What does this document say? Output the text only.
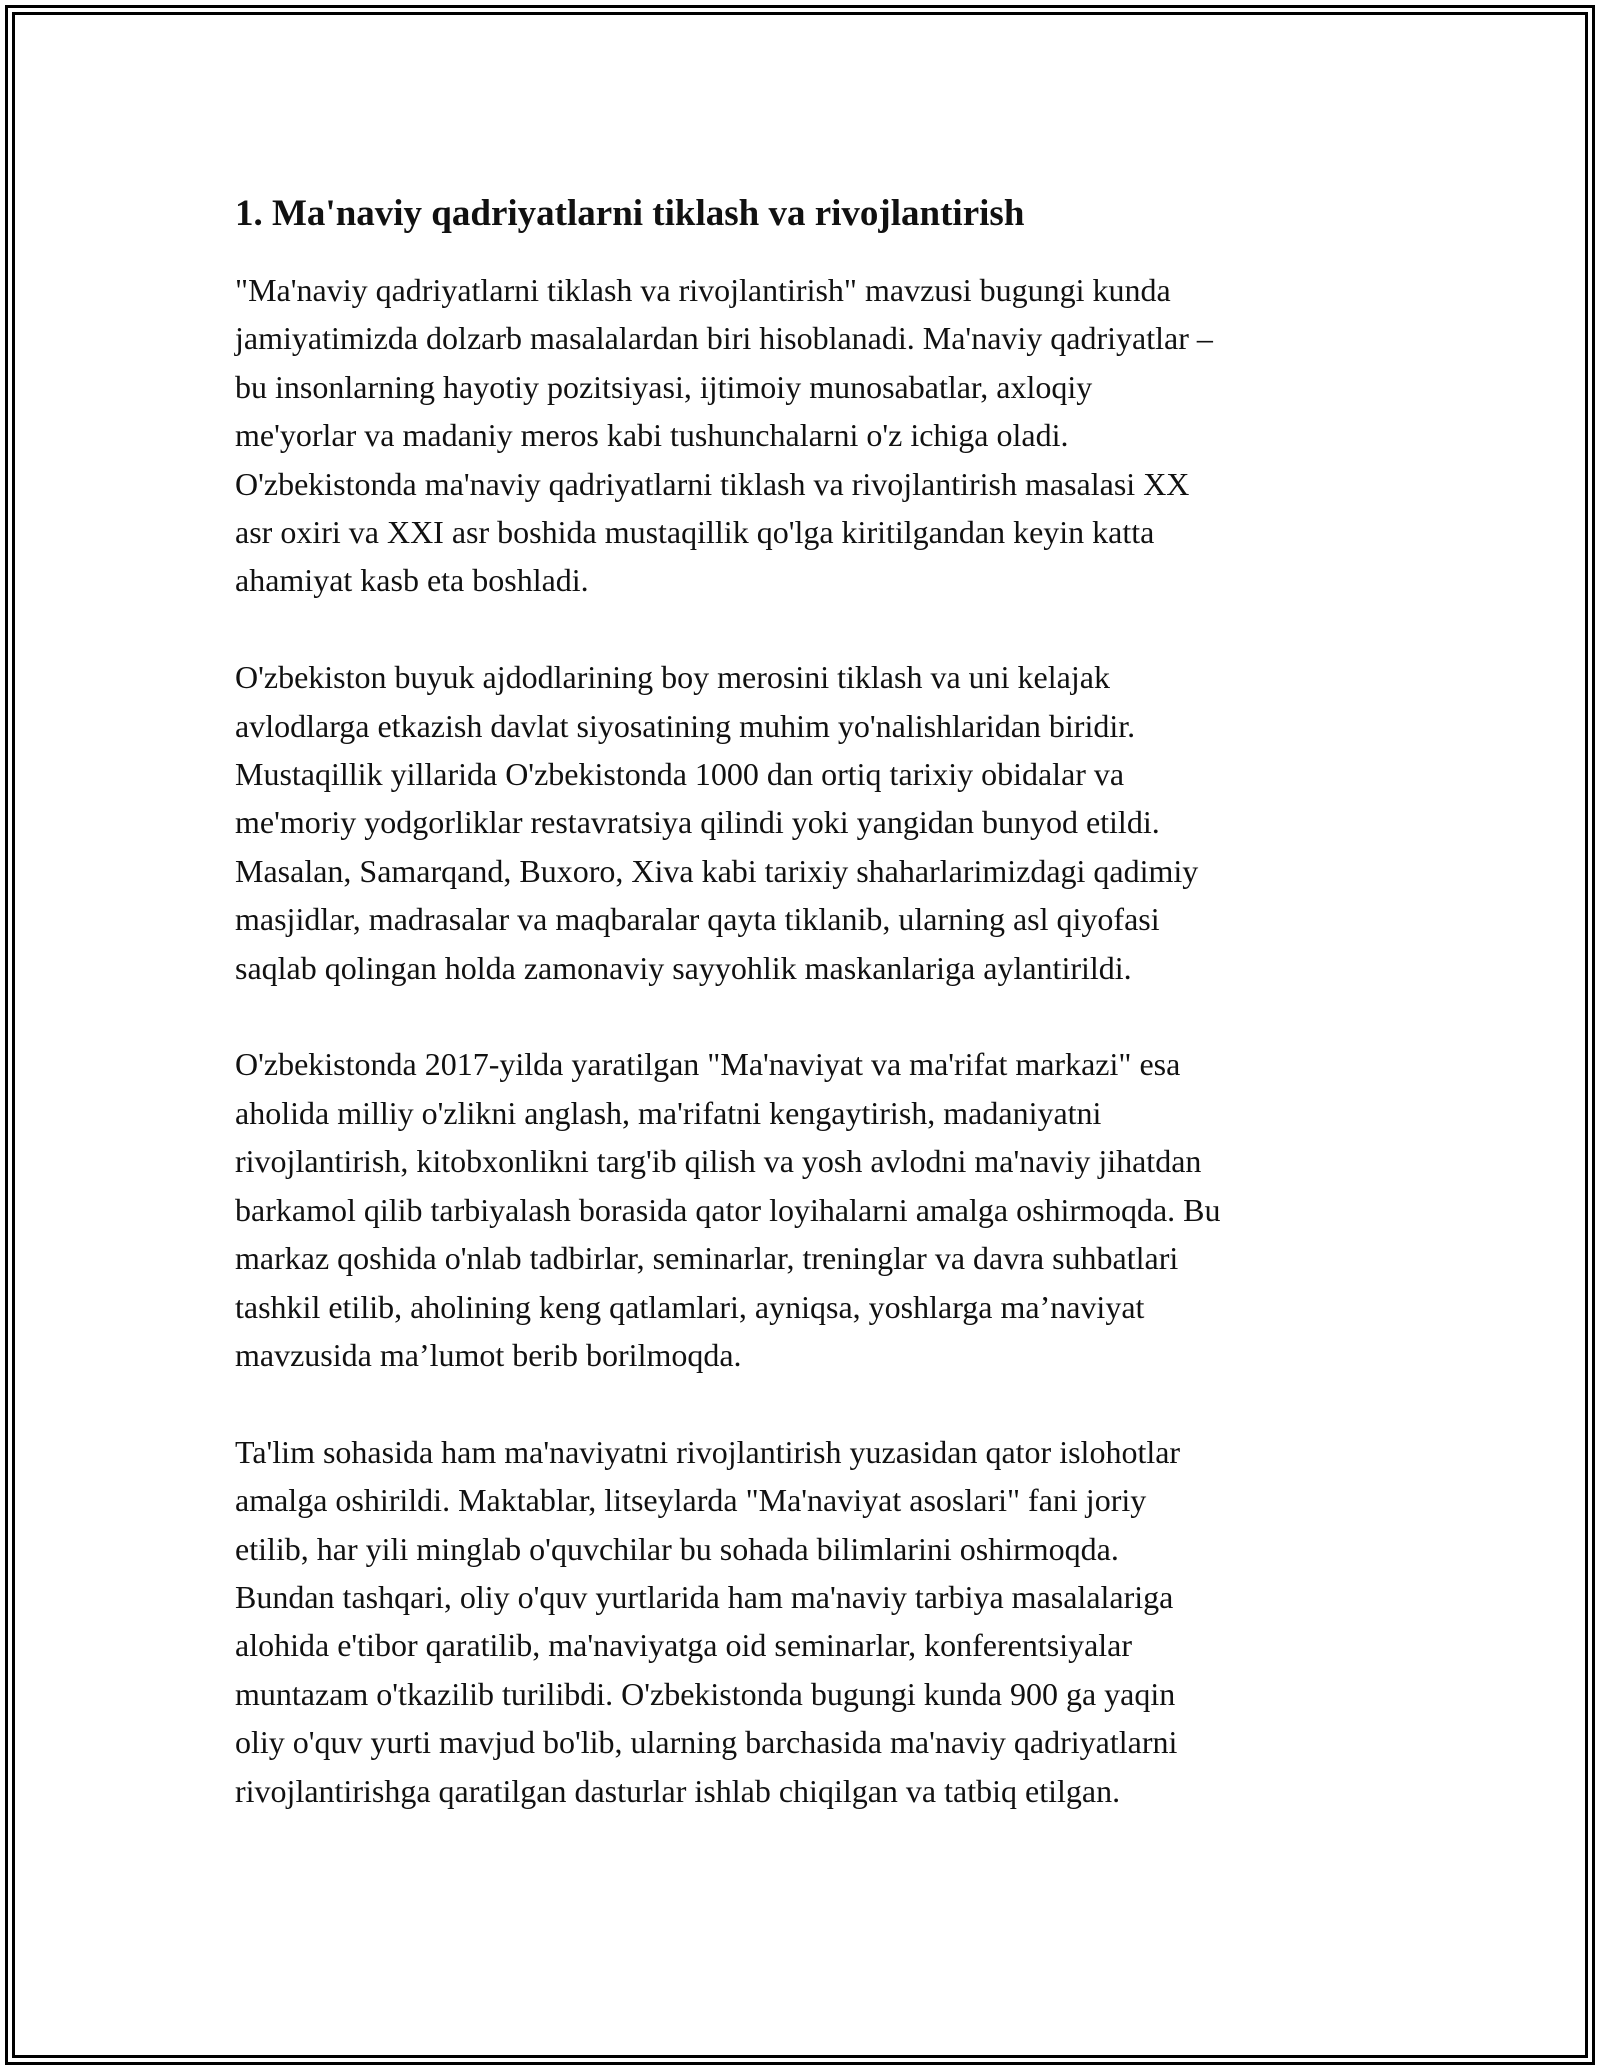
1. Ma'naviy qadriyatlarni tiklash va rivojlantirish
"Ma'naviy qadriyatlarni tiklash va rivojlantirish" mavzusi bugungi kunda
jamiyatimizda dolzarb masalalardan biri hisoblanadi. Ma'naviy qadriyatlar –
bu insonlarning hayotiy pozitsiyasi, ijtimoiy munosabatlar, axloqiy
me'yorlar va madaniy meros kabi tushunchalarni o'z ichiga oladi.
O'zbekistonda ma'naviy qadriyatlarni tiklash va rivojlantirish masalasi XX
asr oxiri va XXI asr boshida mustaqillik qo'lga kiritilgandan keyin katta
ahamiyat kasb eta boshladi.
O'zbekiston buyuk ajdodlarining boy merosini tiklash va uni kelajak
avlodlarga etkazish davlat siyosatining muhim yo'nalishlaridan biridir.
Mustaqillik yillarida O'zbekistonda 1000 dan ortiq tarixiy obidalar va
me'moriy yodgorliklar restavratsiya qilindi yoki yangidan bunyod etildi.
Masalan, Samarqand, Buxoro, Xiva kabi tarixiy shaharlarimizdagi qadimiy
masjidlar, madrasalar va maqbaralar qayta tiklanib, ularning asl qiyofasi
saqlab qolingan holda zamonaviy sayyohlik maskanlariga aylantirildi.
O'zbekistonda 2017-yilda yaratilgan "Ma'naviyat va ma'rifat markazi" esa
aholida milliy o'zlikni anglash, ma'rifatni kengaytirish, madaniyatni
rivojlantirish, kitobxonlikni targ'ib qilish va yosh avlodni ma'naviy jihatdan
barkamol qilib tarbiyalash borasida qator loyihalarni amalga oshirmoqda. Bu
markaz qoshida o'nlab tadbirlar, seminarlar, treninglar va davra suhbatlari
tashkil etilib, aholining keng qatlamlari, ayniqsa, yoshlarga ma’naviyat
mavzusida ma’lumot berib borilmoqda.
Ta'lim sohasida ham ma'naviyatni rivojlantirish yuzasidan qator islohotlar
amalga oshirildi. Maktablar, litseylarda "Ma'naviyat asoslari" fani joriy
etilib, har yili minglab o'quvchilar bu sohada bilimlarini oshirmoqda.
Bundan tashqari, oliy o'quv yurtlarida ham ma'naviy tarbiya masalalariga
alohida e'tibor qaratilib, ma'naviyatga oid seminarlar, konferentsiyalar
muntazam o'tkazilib turilibdi. O'zbekistonda bugungi kunda 900 ga yaqin
oliy o'quv yurti mavjud bo'lib, ularning barchasida ma'naviy qadriyatlarni
rivojlantirishga qaratilgan dasturlar ishlab chiqilgan va tatbiq etilgan.
